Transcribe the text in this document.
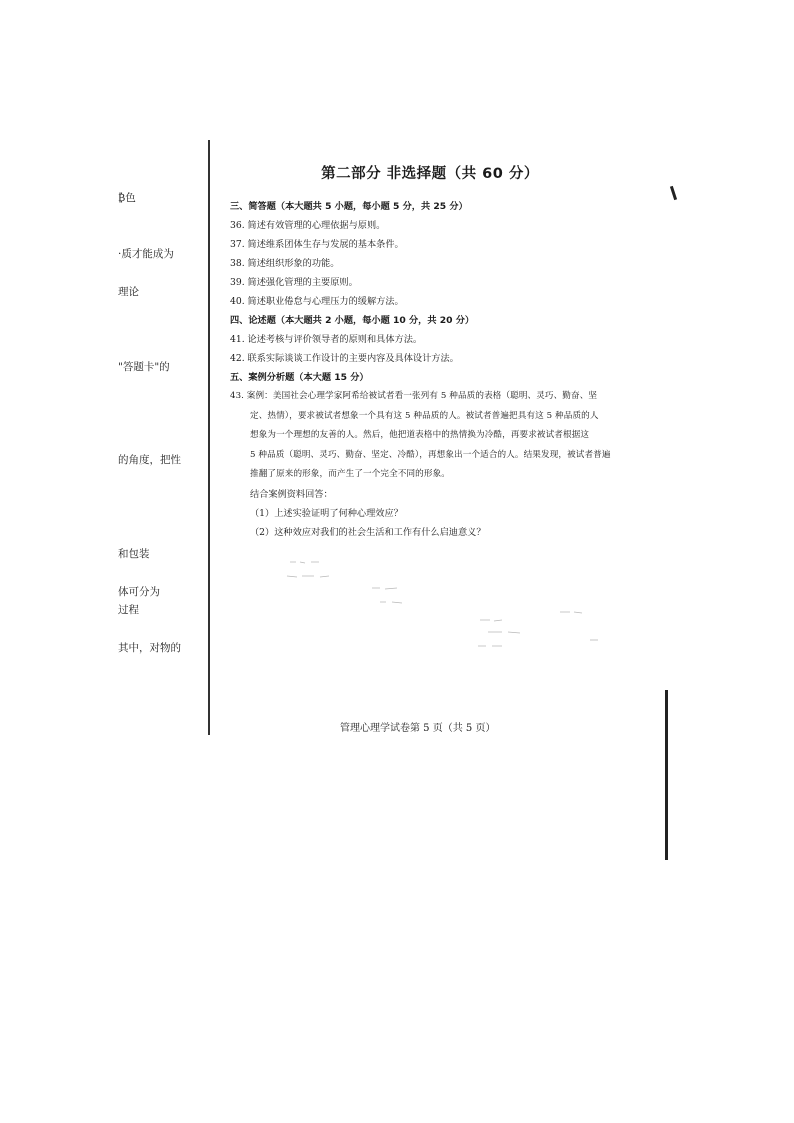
₿色
·质才能成为
理论
"答题卡"的
的角度，把性
和包装
体可分为
过程
其中，对物的
第二部分 非选择题（共 60 分）
三、简答题（本大题共 5 小题，每小题 5 分，共 25 分）
36. 简述有效管理的心理依据与原则。
37. 简述维系团体生存与发展的基本条件。
38. 简述组织形象的功能。
39. 简述强化管理的主要原则。
40. 简述职业倦怠与心理压力的缓解方法。
四、论述题（本大题共 2 小题，每小题 10 分，共 20 分）
41. 论述考核与评价领导者的原则和具体方法。
42. 联系实际谈谈工作设计的主要内容及具体设计方法。
五、案例分析题（本大题 15 分）
43. 案例：美国社会心理学家阿希给被试者看一张列有 5 种品质的表格（聪明、灵巧、勤奋、坚
定、热情），要求被试者想象一个具有这 5 种品质的人。被试者普遍把具有这 5 种品质的人
想象为一个理想的友善的人。然后，他把道表格中的热情换为冷酷，再要求被试者根据这
5 种品质（聪明、灵巧、勤奋、坚定、冷酷），再想象出一个适合的人。结果发现，被试者普遍
推翻了原来的形象，而产生了一个完全不同的形象。
结合案例资料回答：
（1）上述实验证明了何种心理效应？
（2）这种效应对我们的社会生活和工作有什么启迪意义？
管理心理学试卷第 5 页（共 5 页）
